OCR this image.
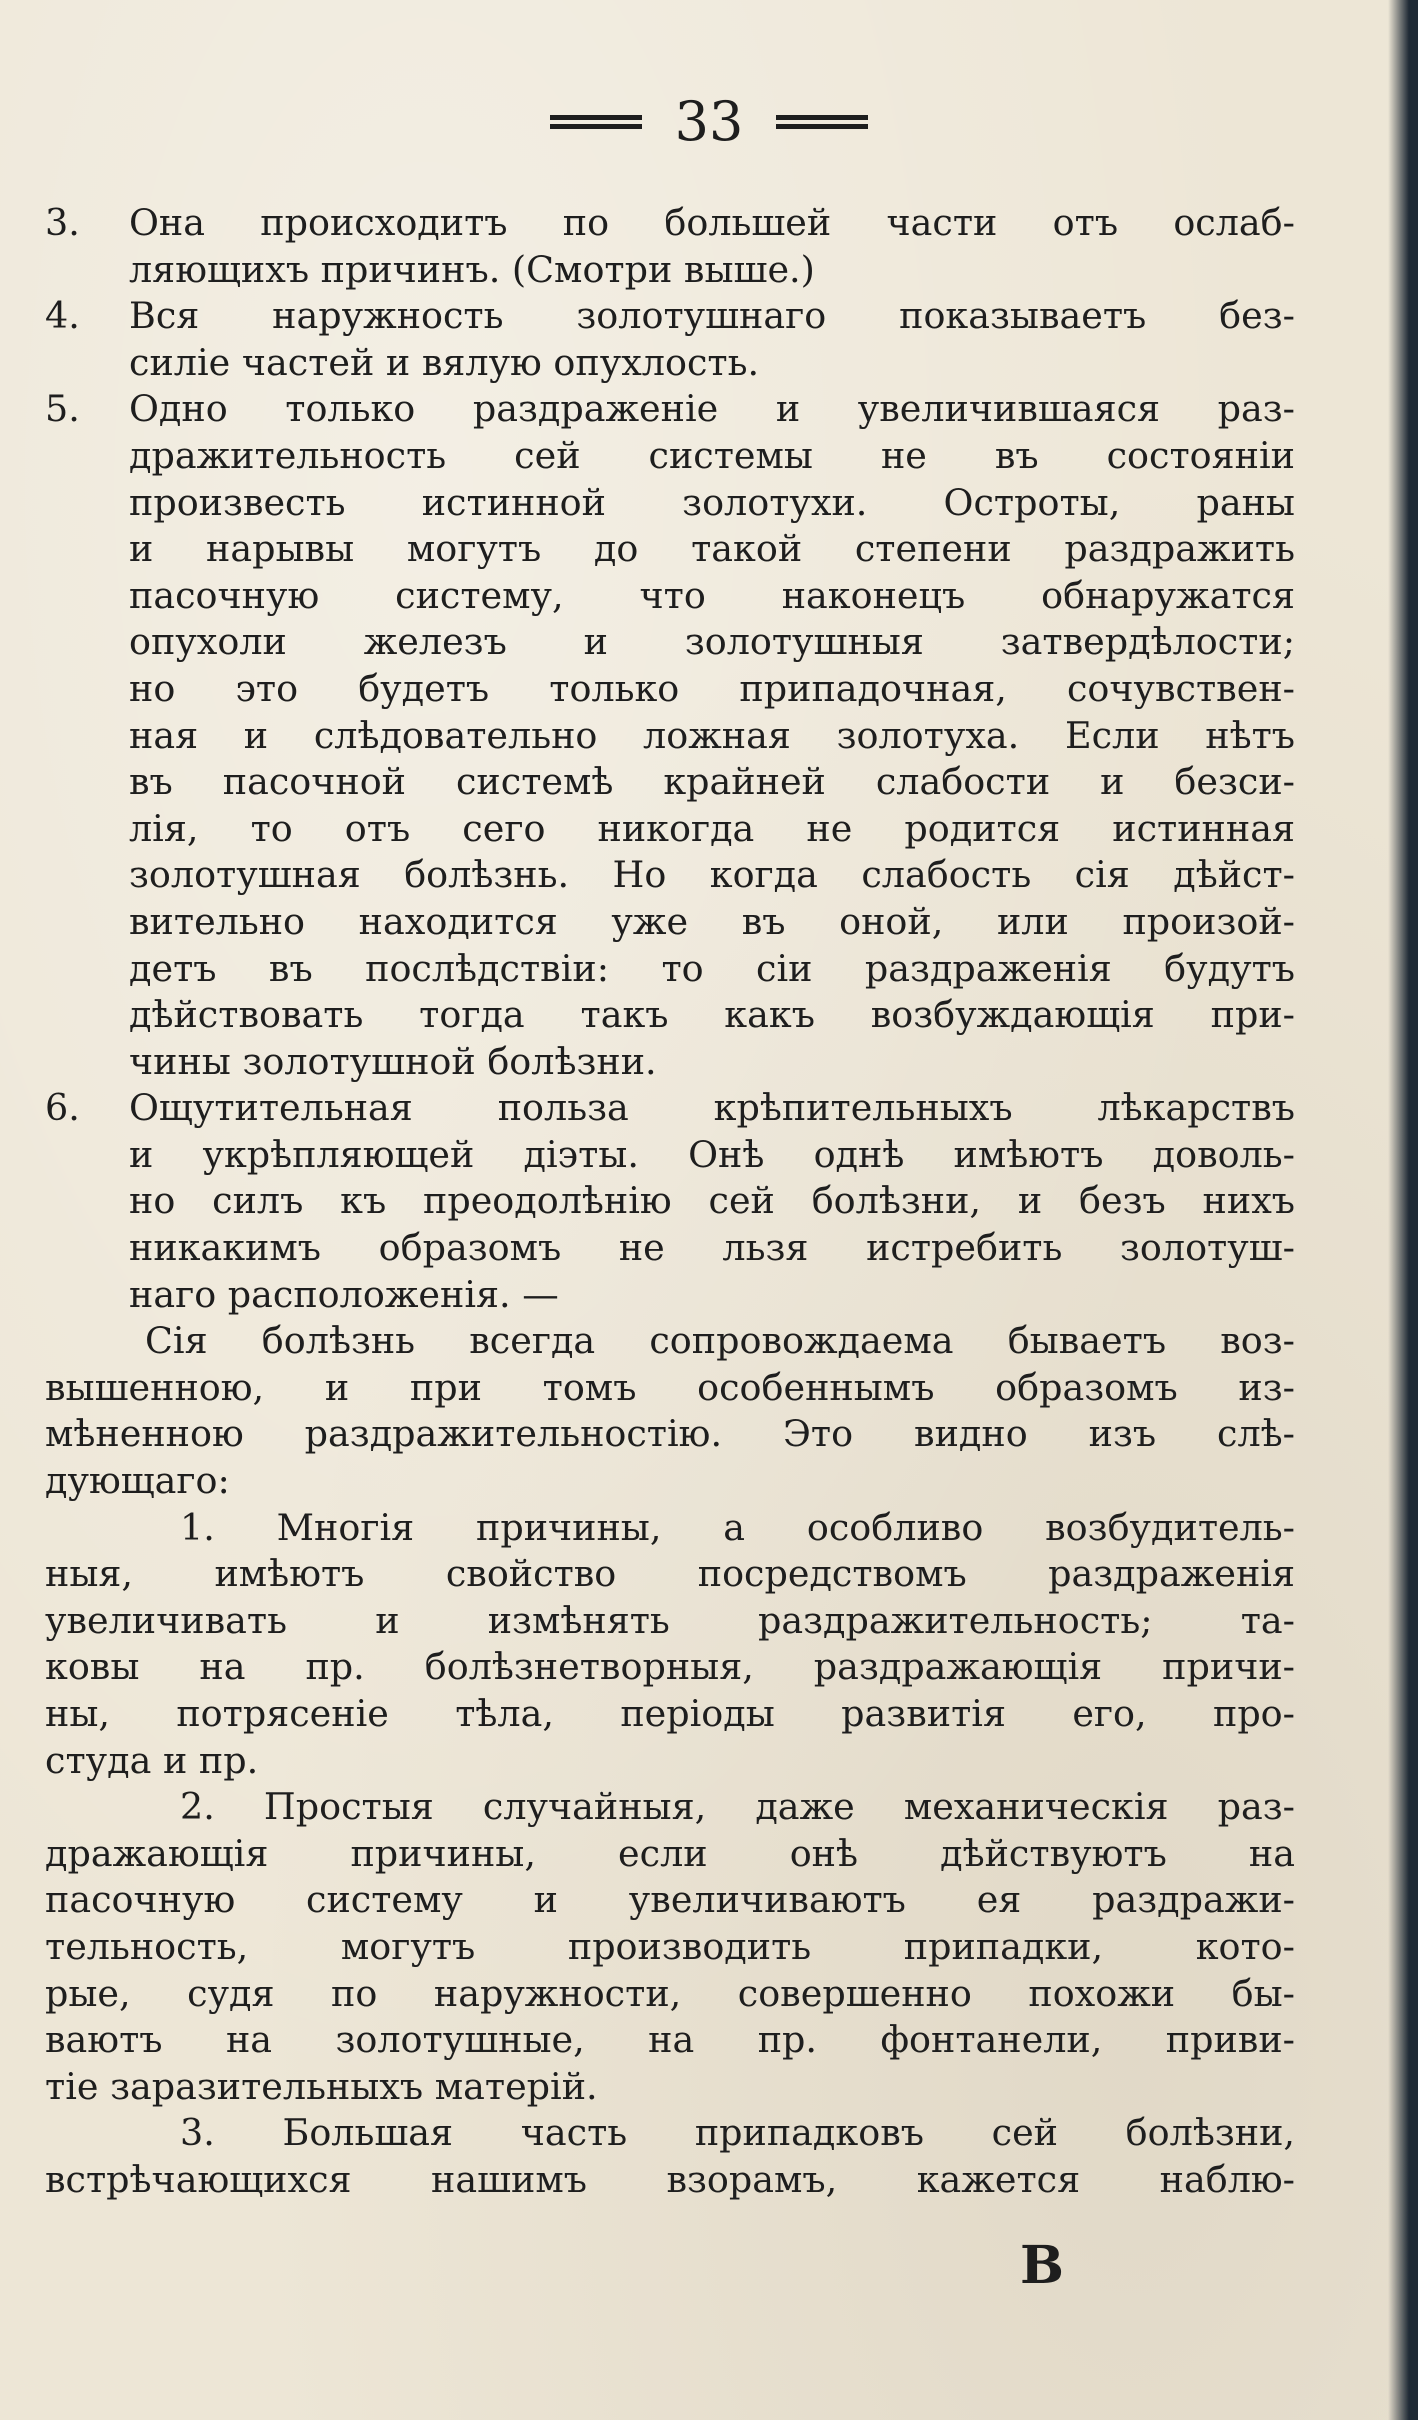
33
3. Она происходитъ по большей части отъ ослаб-
ляющихъ причинъ. (Смотри выше.)
4. Вся наружность золотушнаго показываетъ без-
силіе частей и вялую опухлость.
5. Одно только раздраженіе и увеличившаяся раз-
дражительность сей системы не въ состояніи
произвесть истинной золотухи. Остроты, раны
и нарывы могутъ до такой степени раздражить
пасочную систему, что наконецъ обнаружатся
опухоли железъ и золотушныя затвердѣлости;
но это будетъ только припадочная, сочувствен-
ная и слѣдовательно ложная золотуха. Если нѣтъ
въ пасочной системѣ крайней слабости и безси-
лія, то отъ сего никогда не родится истинная
золотушная болѣзнь. Но когда слабость сія дѣйст-
вительно находится уже въ оной, или произой-
детъ въ послѣдствіи: то сіи раздраженія будутъ
дѣйствовать тогда такъ какъ возбуждающія при-
чины золотушной болѣзни.
6. Ощутительная польза крѣпительныхъ лѣкарствъ
и укрѣпляющей діэты. Онѣ однѣ имѣютъ доволь-
но силъ къ преодолѣнію сей болѣзни, и безъ нихъ
никакимъ образомъ не льзя истребить золотуш-
наго расположенія. —
Сія болѣзнь всегда сопровождаема бываетъ воз-
вышенною, и при томъ особеннымъ образомъ из-
мѣненною раздражительностію. Это видно изъ слѣ-
дующаго:
1. Многія причины, а особливо возбудитель-
ныя, имѣютъ свойство посредствомъ раздраженія
увеличивать и измѣнять раздражительность; та-
ковы на пр. болѣзнетворныя, раздражающія причи-
ны, потрясеніе тѣла, періоды развитія его, про-
студа и пр.
2. Простыя случайныя, даже механическія раз-
дражающія причины, если онѣ дѣйствуютъ на
пасочную систему и увеличиваютъ ея раздражи-
тельность, могутъ производить припадки, кото-
рые, судя по наружности, совершенно похожи бы-
ваютъ на золотушные, на пр. фонтанели, приви-
тіе заразительныхъ матерій.
3. Большая часть припадковъ сей болѣзни,
встрѣчающихся нашимъ взорамъ, кажется наблю-
B
